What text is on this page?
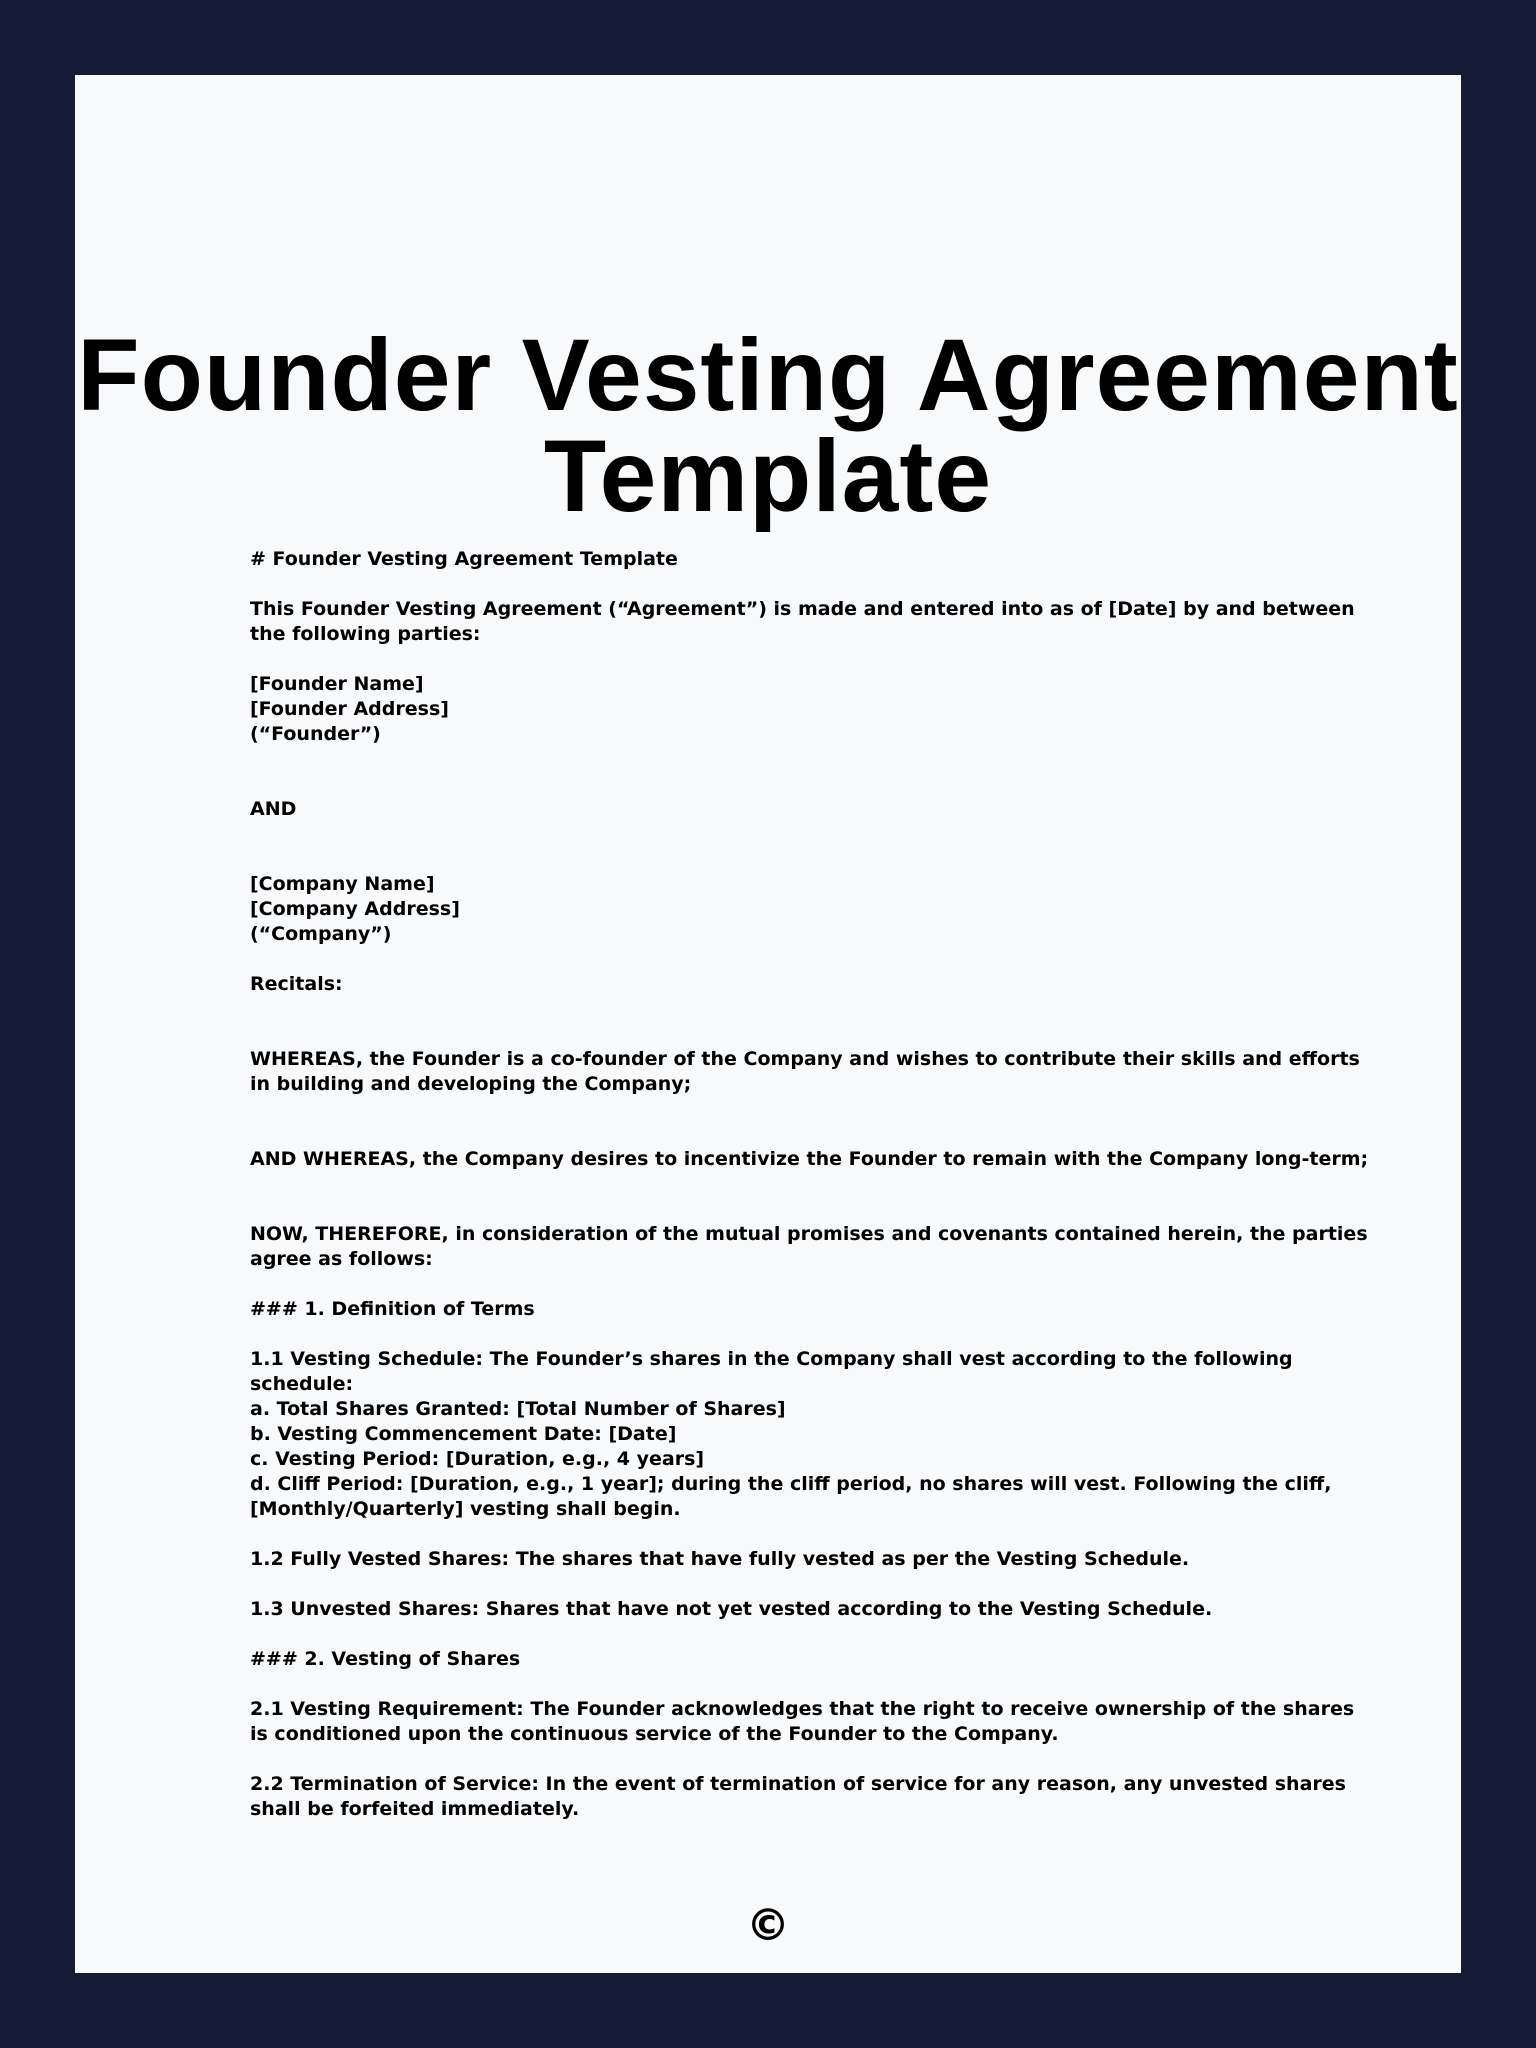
Founder Vesting Agreement
Template

# Founder Vesting Agreement Template

This Founder Vesting Agreement (“Agreement”) is made and entered into as of [Date] by and between the following parties:

[Founder Name]
[Founder Address]
(“Founder”)

AND

[Company Name]
[Company Address]
(“Company”)

Recitals:

WHEREAS, the Founder is a co-founder of the Company and wishes to contribute their skills and efforts in building and developing the Company;

AND WHEREAS, the Company desires to incentivize the Founder to remain with the Company long-term;

NOW, THEREFORE, in consideration of the mutual promises and covenants contained herein, the parties agree as follows:

### 1. Definition of Terms

1.1 Vesting Schedule: The Founder’s shares in the Company shall vest according to the following schedule:
a. Total Shares Granted: [Total Number of Shares]
b. Vesting Commencement Date: [Date]
c. Vesting Period: [Duration, e.g., 4 years]
d. Cliff Period: [Duration, e.g., 1 year]; during the cliff period, no shares will vest. Following the cliff, [Monthly/Quarterly] vesting shall begin.

1.2 Fully Vested Shares: The shares that have fully vested as per the Vesting Schedule.

1.3 Unvested Shares: Shares that have not yet vested according to the Vesting Schedule.

### 2. Vesting of Shares

2.1 Vesting Requirement: The Founder acknowledges that the right to receive ownership of the shares is conditioned upon the continuous service of the Founder to the Company.

2.2 Termination of Service: In the event of termination of service for any reason, any unvested shares shall be forfeited immediately.

©
